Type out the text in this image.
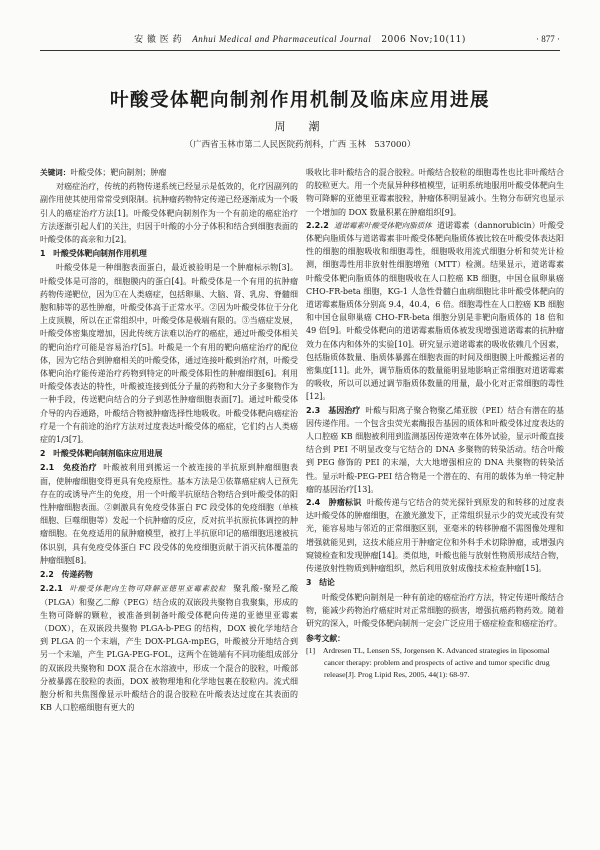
安 徽 医 药 Anhui Medical and Pharmaceutical Journal 2006 Nov;10(11)	· 877 ·
叶酸受体靶向制剂作用机制及临床应用进展
周　潮
（广西省玉林市第二人民医院药剂科，广西 玉林　537000）

关键词：叶酸受体；靶向制剂；肿瘤

对癌症治疗，传统的药物传递系统已经显示是低效的，化疗因副列的副作用使其使用常常受到限制。抗肿瘤药物特定传递已经逐渐成为一个吸引人的癌症治疗方法[1]。叶酸受体靶向制剂作为一个有前途的癌症治疗方法逐渐引起人们的关注，归因于叶酸的小分子体积和结合到细胞表面的叶酸受体的高亲和力[2]。

1　叶酸受体靶向制剂作用机理

叶酸受体是一种细胞表面蛋白，最近被验明是一个肿瘤标示物[3]。叶酸受体是可溶的，细胞膜内的蛋白[4]。叶酸受体是一个有用的抗肿瘤药物传递靶位，因为①在人类癌症，包括卵巢、大脑、肾、乳房、脊髓细胞和肺等的恶性肿瘤，叶酸受体高于正常水平。②因为叶酸受体位于分化上皮顶膜，所以在正常组织中，叶酸受体是极端有限的。③当癌症发展，叶酸受体密集度增加，因此传统方法难以治疗的癌症，通过叶酸受体相关的靶向治疗可能是容易治疗[5]。叶酸是一个有用的靶向癌症治疗的配位体，因为它结合到肿瘤相关的叶酸受体，通过连接叶酸到治疗剂，叶酸受体靶向治疗能传递治疗药物到特定的叶酸受体阳性的肿瘤细胞[6]。利用叶酸受体表达的特性，叶酸被连接到低分子量的药物和大分子多聚物作为一种手段，传送靶向结合的分子到恶性肿瘤细胞表面[7]。通过叶酸受体介导的内吞通路，叶酸结合物被肿瘤选择性地吸收。叶酸受体靶向癌症治疗是一个有前途的治疗方法对过度表达叶酸受体的癌症，它们约占人类癌症的1/3[7]。

2　叶酸受体靶向制剂临床应用进展

2.1　免疫治疗 叶酸被利用到搬运一个被连接的半抗原到肿瘤细胞表面，使肿瘤细胞变得更具有免疫原性。基本方法是①依靠癌症病人已预先存在的或诱导产生的免疫，用一个叶酸半抗原结合物结合到叶酸受体的阳性肿瘤细胞表面。②刺激具有免疫受体蛋白 FC 段受体的免疫细胞（单核细胞、巨噬细胞等）发起一个抗肿瘤的反应，反对抗半抗原抗体调控的肿瘤细胞。在免疫适用的鼠肿瘤模型，被打上半抗原印记的癌细胞迅速被抗体识别，具有免疫受体蛋白 FC 段受体的免疫细胞贡献于消灭抗体覆盖的肿瘤细胞[8]。

2.2　传递药物

2.2.1 叶酸受体靶向生物可降解亚德里亚霉素胶粒 聚乳酸-聚羟乙酸（PLGA）和聚乙二醇（PEG）结合成的双嵌段共聚物自我聚集，形成的生物可降解的颗粒，被准备到制备叶酸受体靶向传递的亚德里亚霉素（DOX），在双嵌段共聚物 PLGA-b-PEG 的结构，DOX 被化学地结合到 PLGA 的一个末端，产生 DOX-PLGA-mpEG，叶酸被分开地结合到另一个末端，产生 PLGA-PEG-FOL，这两个在链端有不同功能组成部分的双嵌段共聚物和 DOX 混合在水溶液中，形成一个混合的胶粒，叶酸部分被暴露在胶粒的表面，DOX 被物理地和化学地包裹在胶粒内。流式细胞分析和共焦图像显示叶酸结合的混合胶粒在叶酸表达过度在其表面的 KB 人口腔癌细胞有更大的

吸收比非叶酸结合的混合胶粒。叶酸结合胶粒的细胞毒性也比非叶酸结合的胶粒更大。用一个壳鼠异种移植模型，证明系统地服用叶酸受体靶向生物可降解的亚德里亚霉素胶粒，肿瘤体积明显减小。生物分布研究也显示一个增加的 DOX 数量积累在肿瘤组织[9]。

2.2.2 道诺霉素叶酸受体靶向脂质体 道诺霉素（dannorubicin）叶酸受体靶向脂质体与道诺霉素非叶酸受体靶向脂质体被比较在叶酸受体表达阳性的细胞的细胞吸收和细胞毒性，细胞吸收用流式细胞分析和荧光计检测，细胞毒性用非放射性细胞増殖（MTT）检测。结果显示，道诺霉素叶酸受体靶向脂质体的细胞吸收在人口腔癌 KB 细胞，中国仓鼠卵巢癌 CHO-FR-beta 细胞，KG-1 人急性骨髓白血病细胞比非叶酸受体靶向的道诺霉素脂质体分别高 9.4，40.4，6 倍。细胞毒性在人口腔癌 KB 细胞和中国仓鼠卵巢癌 CHO-FR-beta 细胞分别是非靶向脂质体的 18 倍和 49 倍[9]。叶酸受体靶向的道诺霉素脂质体被发现增强道诺霉素的抗肿瘤效力在体内和体外的实验[10]。研究显示道诺霉素的吸收依赖几个因素，包括脂质体数量、脂质体暴露在细胞表面的时间及细胞膜上叶酸搬运者的密集度[11]。此外，调节脂质体的数量能明显地影响正常细胞对道诺霉素的吸收，所以可以通过调节脂质体数量的用量，最小化对正常细胞的毒性[12]。

2.3　基因治疗 叶酸与阳离子聚合物聚乙烯亚胺（PEI）结合有潜在的基因传递作用。一个包含虫荧光素酶报告基因的质体和叶酸受体过度表达的人口腔癌 KB 细胞被利用到监测基因传递效率在体外试验，显示叶酸直接结合到 PEI 不明显改变与它结合的 DNA 多聚物的转染活动。结合叶酸到 PEG 修饰的 PEI 的末端，大大地增强相应的 DNA 共聚物的转染活性。显示叶酸-PEG-PEI 结合物是一个潜在的、有用的载体为单一特定肿瘤的基因治疗[13]。

2.4　肿瘤标识 叶酸传递与它结合的荧光探针到原发的和转移的过度表达叶酸受体的肿瘤细胞，在激光激发下，正常组织显示少的荧光或没有荧光，能容易地与邻近的正常细胞区别，亚毫米的转移肿瘤不需图像处理和增强就能见到，这技术能应用于肿瘤定位和外科手术切除肿瘤，或增强内窥镜检查和发现肿瘤[14]。类似地，叶酸也能与放射性物质形成结合物，传递放射性物质到肿瘤组织，然后利用放射成像技术检查肿瘤[15]。

3　结论

叶酸受体靶向制剂是一种有前途的癌症治疗方法，特定传递叶酸结合物，能减少药物治疗癌症时对正常细胞的损害，增强抗癌药物药效。随着研究的深入，叶酸受体靶向制剂一定会广泛应用于癌症检查和癌症治疗。

参考文献：
[1]　Ardresen TL, Lensen SS, Jorgensen K. Advanced strategies in liposomal cancer therapy: problem and prospects of active and tumor specific drug release[J]. Prog Lipid Res, 2005, 44(1): 68-97.
